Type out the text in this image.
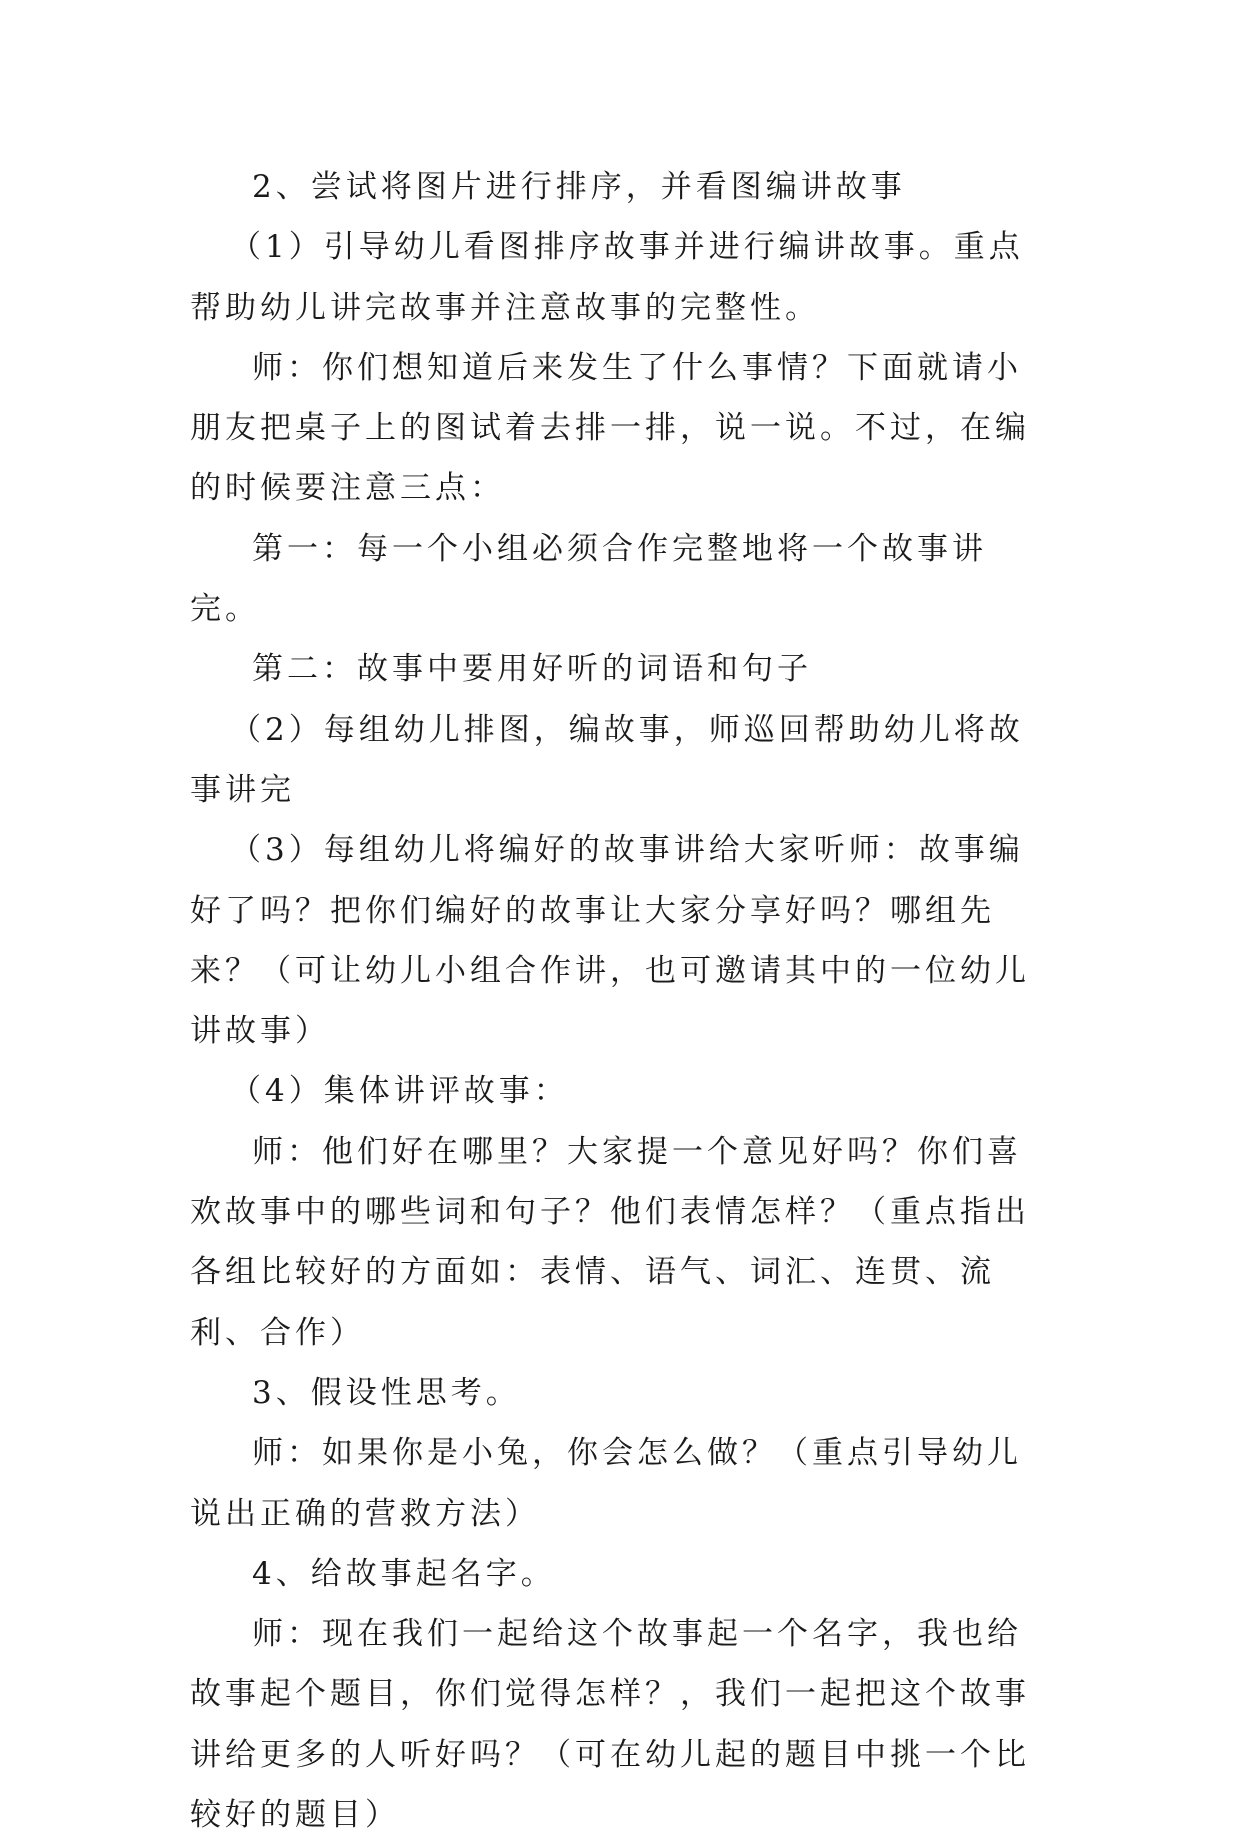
2、尝试将图片进行排序，并看图编讲故事

（1）引导幼儿看图排序故事并进行编讲故事。重点帮助幼儿讲完故事并注意故事的完整性。

师：你们想知道后来发生了什么事情？下面就请小朋友把桌子上的图试着去排一排，说一说。不过，在编的时候要注意三点：

第一：每一个小组必须合作完整地将一个故事讲完。

第二：故事中要用好听的词语和句子

（2）每组幼儿排图，编故事，师巡回帮助幼儿将故事讲完

（3）每组幼儿将编好的故事讲给大家听师：故事编好了吗？把你们编好的故事让大家分享好吗？哪组先来？（可让幼儿小组合作讲，也可邀请其中的一位幼儿讲故事）

（4）集体讲评故事：

师：他们好在哪里？大家提一个意见好吗？你们喜欢故事中的哪些词和句子？他们表情怎样？（重点指出各组比较好的方面如：表情、语气、词汇、连贯、流利、合作）

3、假设性思考。

师：如果你是小兔，你会怎么做？（重点引导幼儿说出正确的营救方法）

4、给故事起名字。

师：现在我们一起给这个故事起一个名字，我也给故事起个题目，你们觉得怎样？，我们一起把这个故事讲给更多的人听好吗？（可在幼儿起的题目中挑一个比较好的题目）
